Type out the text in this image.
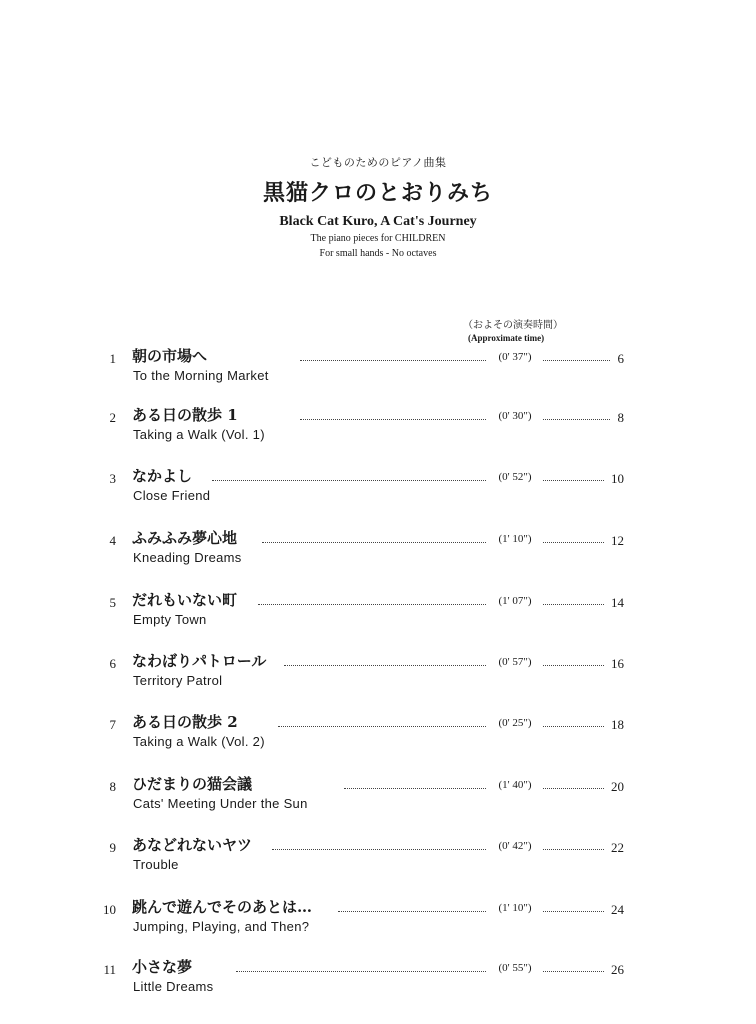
こどものためのピアノ曲集
黒猫クロのとおりみち
Black Cat Kuro, A Cat's Journey
The piano pieces for CHILDREN
For small hands - No octaves
（およその演奏時間）
(Approximate time)
1 朝の市場へ	(0' 37")	6
To the Morning Market
2 ある日の散歩 1	(0' 30")	8
Taking a Walk (Vol. 1)
3 なかよし	(0' 52")	10
Close Friend
4 ふみふみ夢心地	(1' 10")	12
Kneading Dreams
5 だれもいない町	(1' 07")	14
Empty Town
6 なわばりパトロール	(0' 57")	16
Territory Patrol
7 ある日の散歩 2	(0' 25")	18
Taking a Walk (Vol. 2)
8 ひだまりの猫会議	(1' 40")	20
Cats' Meeting Under the Sun
9 あなどれないヤツ	(0' 42")	22
Trouble
10 跳んで遊んでそのあとは…	(1' 10")	24
Jumping, Playing, and Then?
11 小さな夢	(0' 55")	26
Little Dreams
